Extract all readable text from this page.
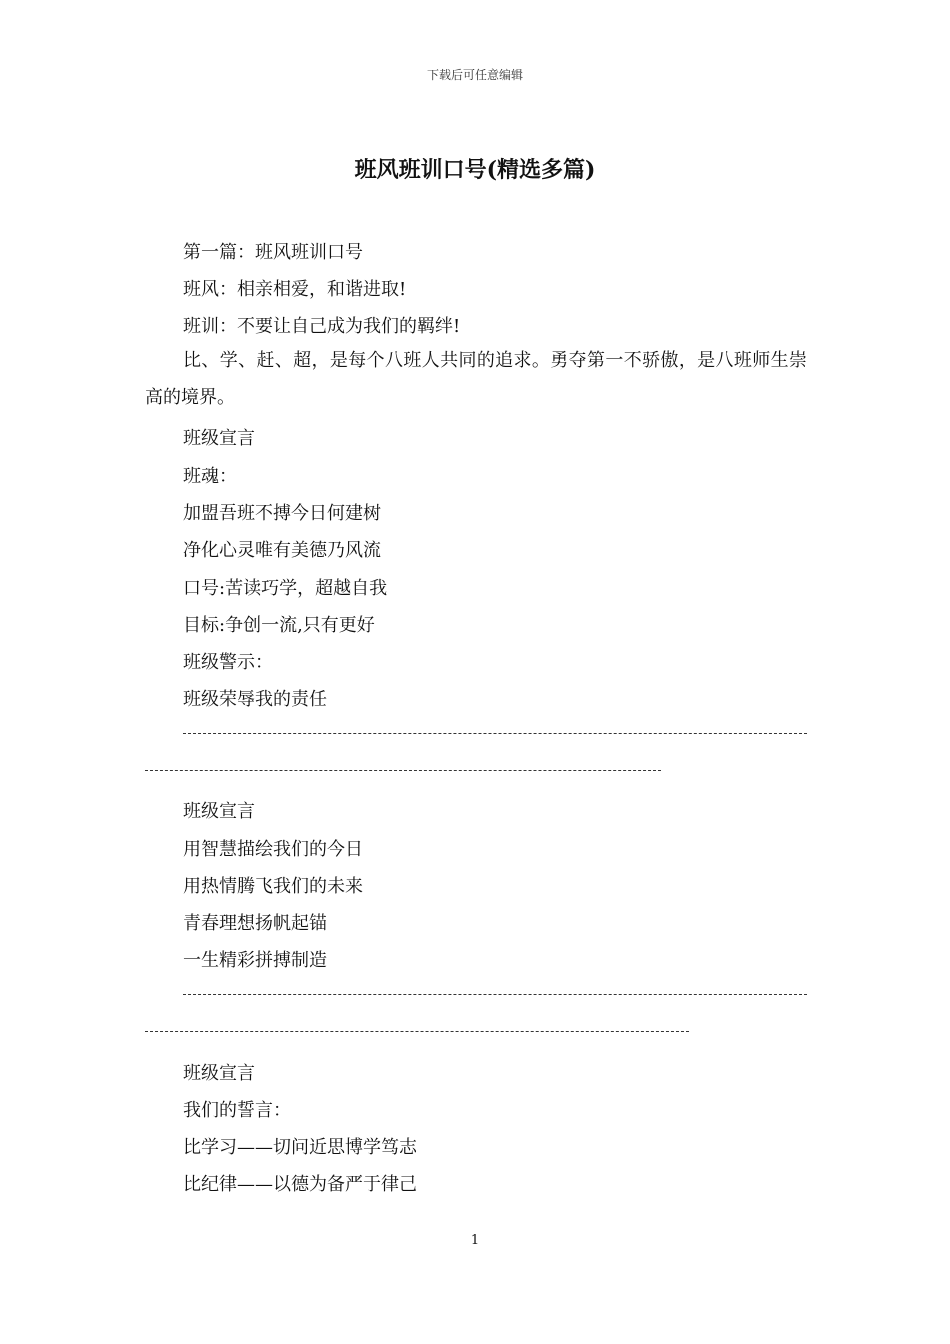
下载后可任意编辑
班风班训口号(精选多篇)
第一篇：班风班训口号
班风：相亲相爱，和谐进取!
班训：不要让自己成为我们的羁绊!
比、学、赶、超，是每个八班人共同的追求。勇夺第一不骄傲，是八班师生崇高的境界。
班级宣言
班魂：
加盟吾班不搏今日何建树
净化心灵唯有美德乃风流
口号:苦读巧学，超越自我
目标:争创一流,只有更好
班级警示：
班级荣辱我的责任
班级宣言
用智慧描绘我们的今日
用热情腾飞我们的未来
青春理想扬帆起锚
一生精彩拼搏制造
班级宣言
我们的誓言：
比学习——切问近思博学笃志
比纪律——以德为备严于律己
1
